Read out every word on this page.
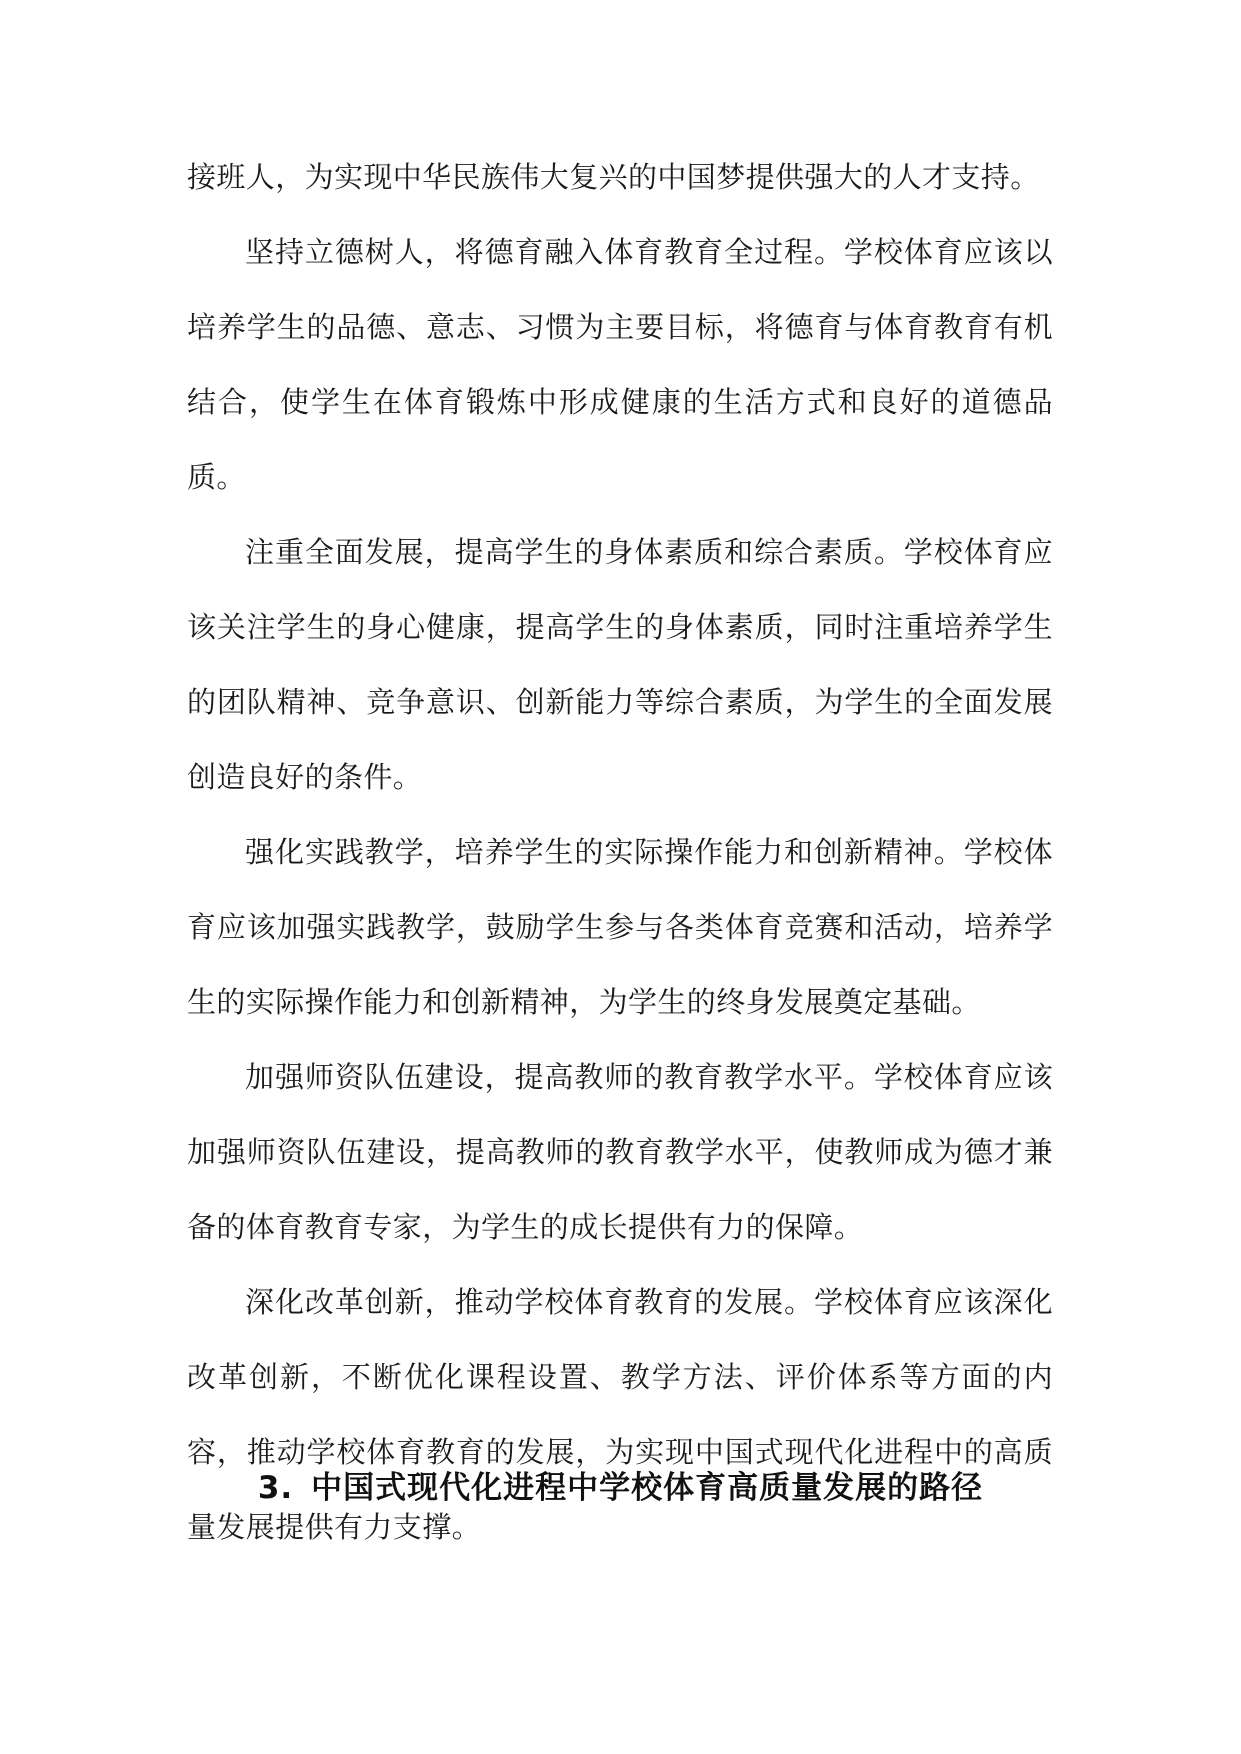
接班人，为实现中华民族伟大复兴的中国梦提供强大的人才支持。

坚持立德树人，将德育融入体育教育全过程。学校体育应该以培养学生的品德、意志、习惯为主要目标，将德育与体育教育有机结合，使学生在体育锻炼中形成健康的生活方式和良好的道德品质。

注重全面发展，提高学生的身体素质和综合素质。学校体育应该关注学生的身心健康，提高学生的身体素质，同时注重培养学生的团队精神、竞争意识、创新能力等综合素质，为学生的全面发展创造良好的条件。

强化实践教学，培养学生的实际操作能力和创新精神。学校体育应该加强实践教学，鼓励学生参与各类体育竞赛和活动，培养学生的实际操作能力和创新精神，为学生的终身发展奠定基础。

加强师资队伍建设，提高教师的教育教学水平。学校体育应该加强师资队伍建设，提高教师的教育教学水平，使教师成为德才兼备的体育教育专家，为学生的成长提供有力的保障。

深化改革创新，推动学校体育教育的发展。学校体育应该深化改革创新，不断优化课程设置、教学方法、评价体系等方面的内容，推动学校体育教育的发展，为实现中国式现代化进程中的高质量发展提供有力支撑。

3. 中国式现代化进程中学校体育高质量发展的路径
